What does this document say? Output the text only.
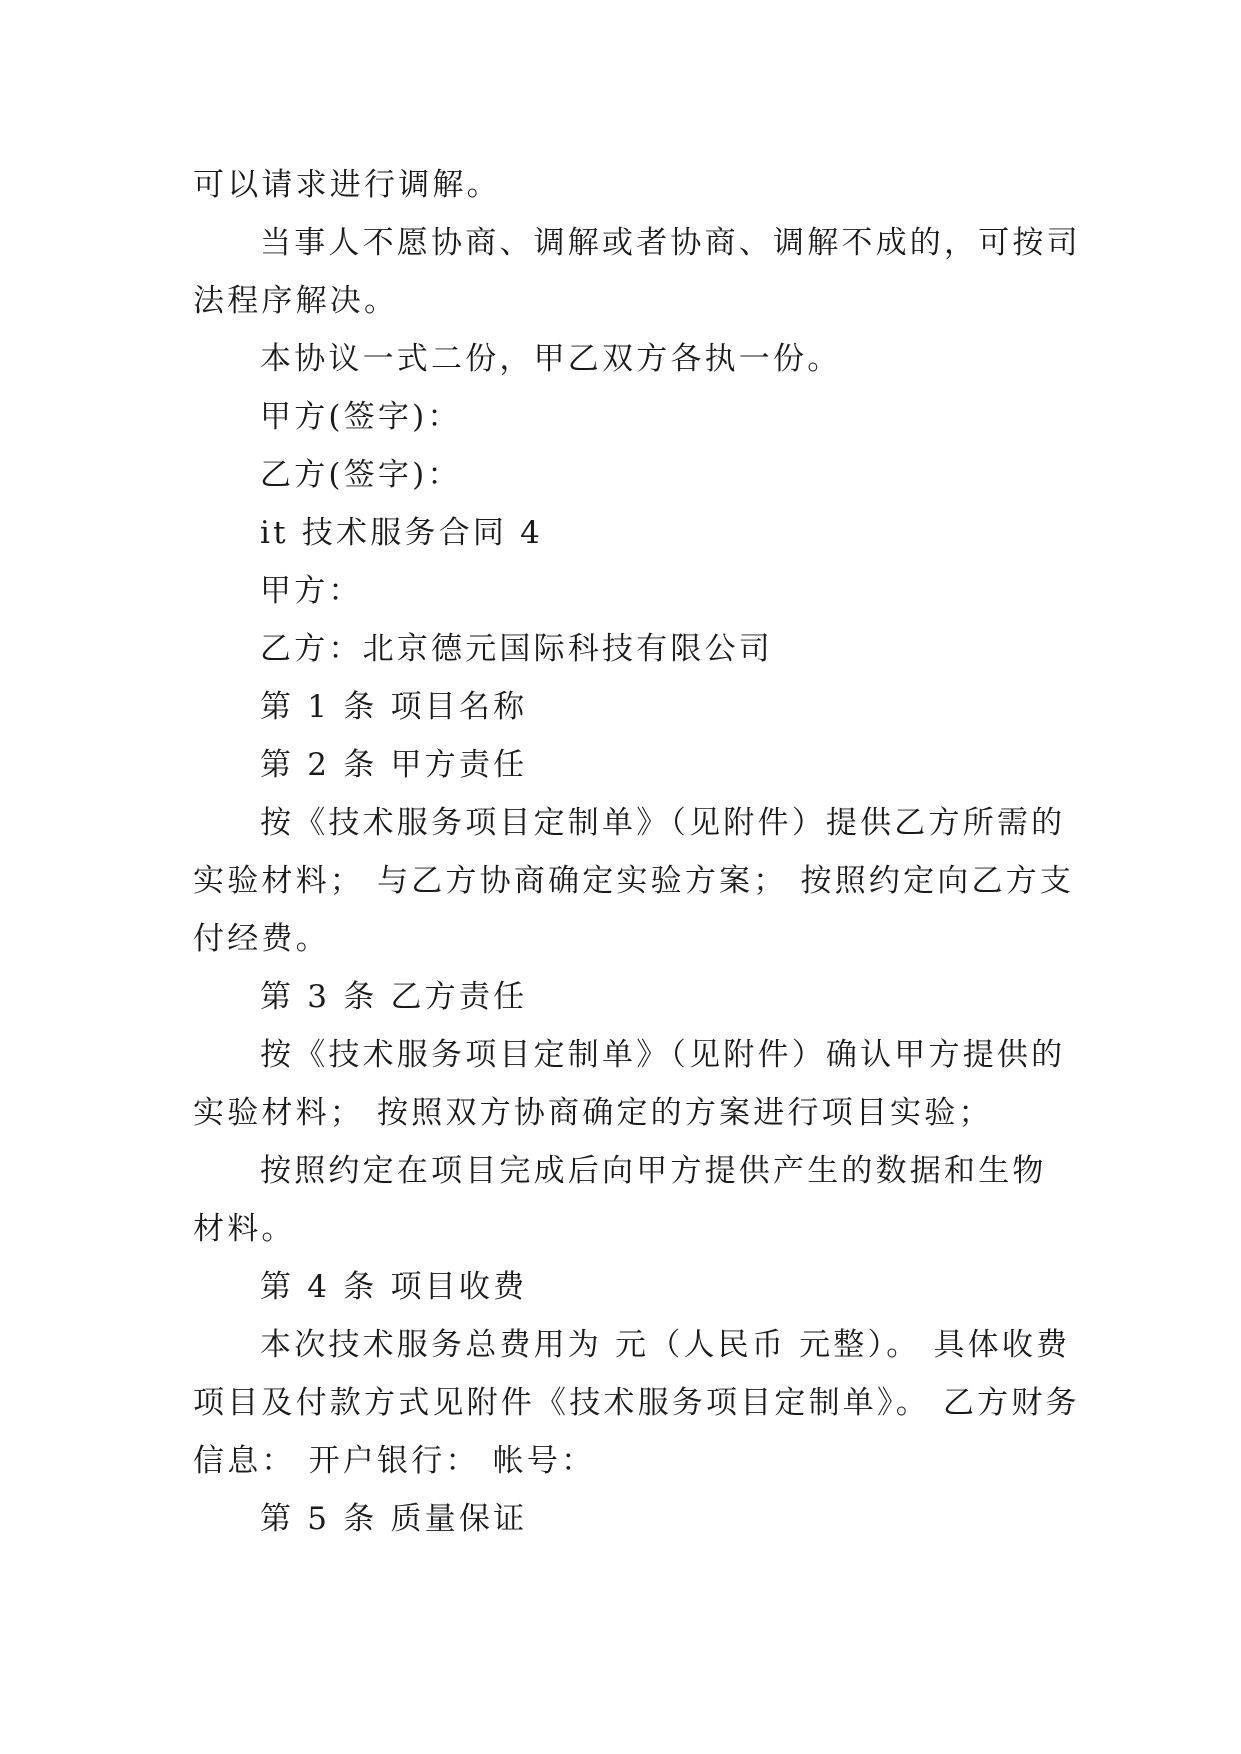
可以请求进行调解。
当事人不愿协商、调解或者协商、调解不成的，可按司
法程序解决。
本协议一式二份，甲乙双方各执一份。
甲方(签字)：
乙方(签字)：
it 技术服务合同 4
甲方：
乙方：北京德元国际科技有限公司
第 1 条 项目名称
第 2 条 甲方责任
按《技术服务项目定制单》（见附件）提供乙方所需的
实验材料； 与乙方协商确定实验方案； 按照约定向乙方支
付经费。
第 3 条 乙方责任
按《技术服务项目定制单》（见附件）确认甲方提供的
实验材料； 按照双方协商确定的方案进行项目实验；
按照约定在项目完成后向甲方提供产生的数据和生物
材料。
第 4 条 项目收费
本次技术服务总费用为 元（人民币 元整）。 具体收费
项目及付款方式见附件《技术服务项目定制单》。 乙方财务
信息： 开户银行： 帐号：
第 5 条 质量保证
